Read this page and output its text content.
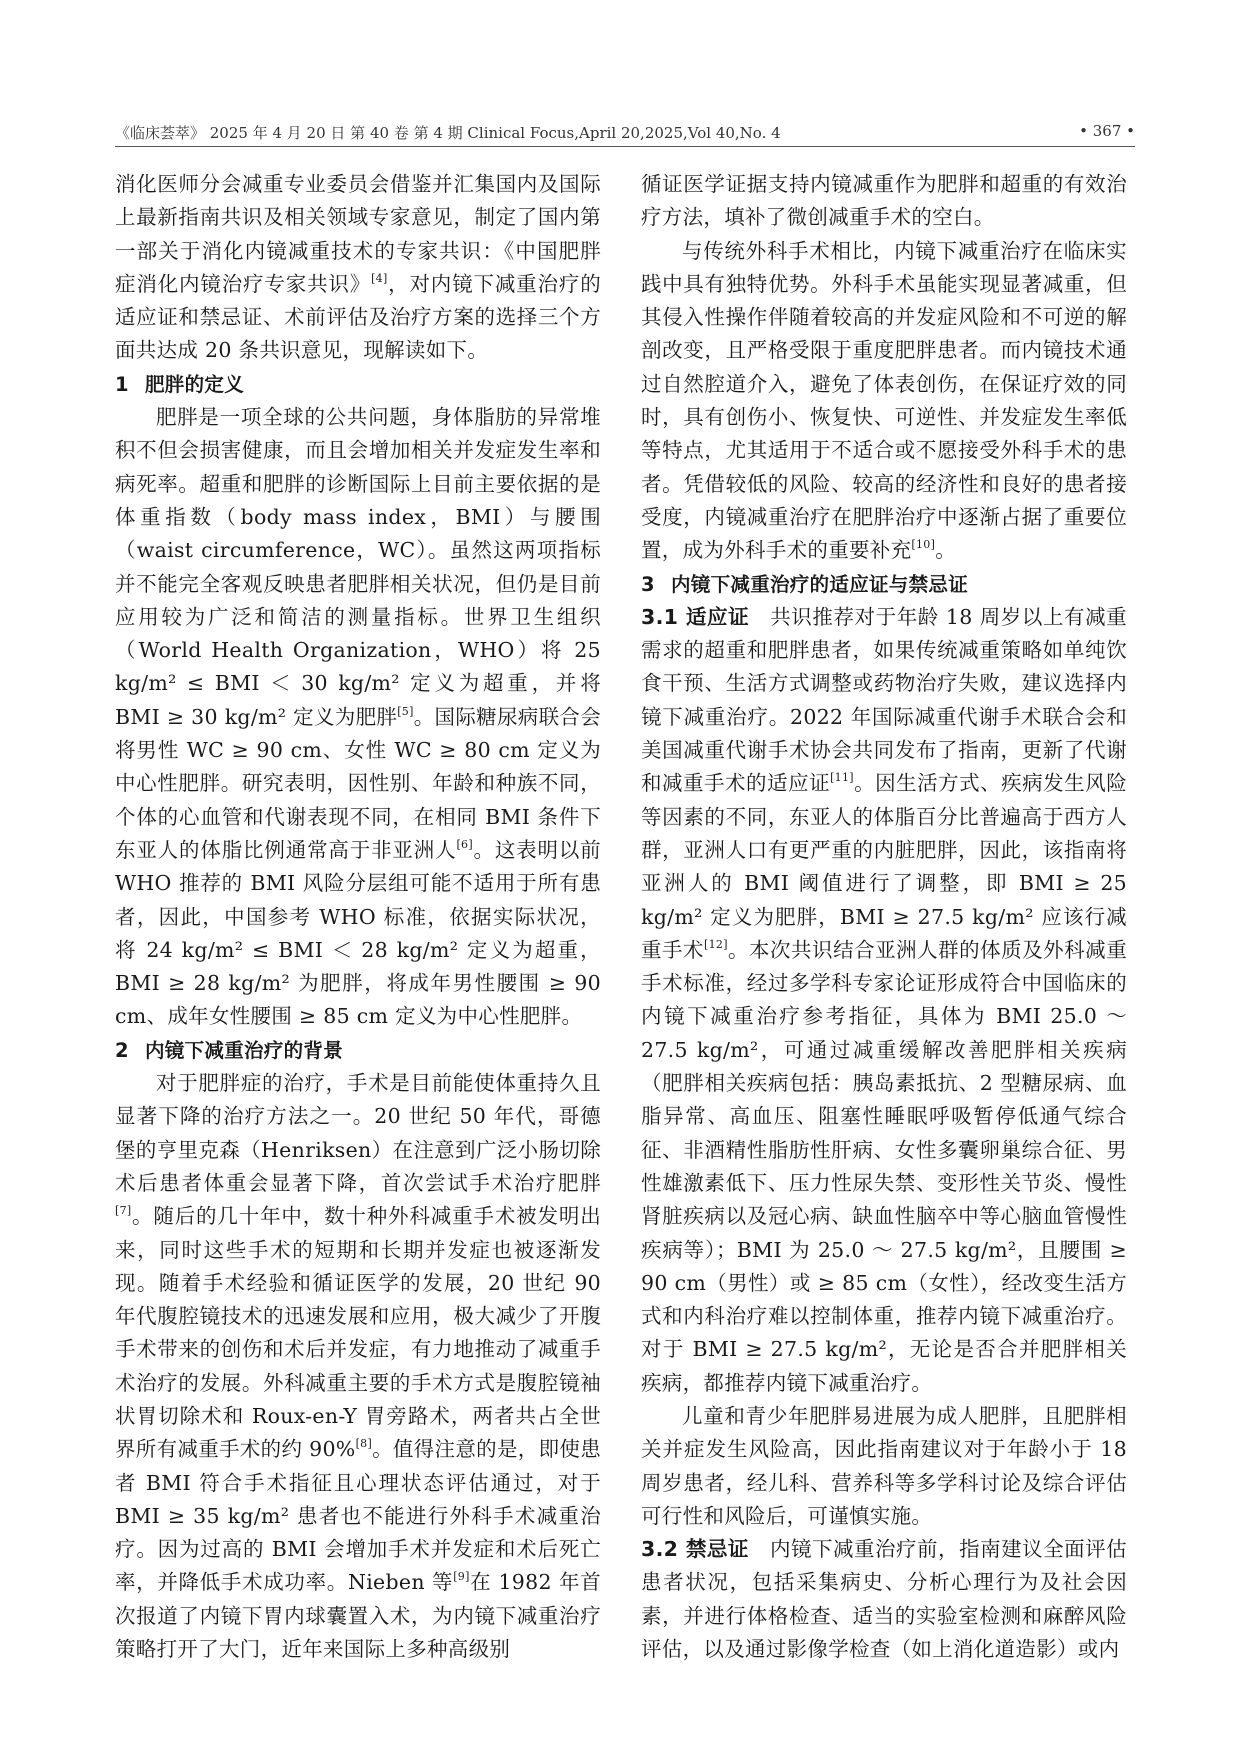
《临床荟萃》 2025 年 4 月 20 日 第 40 卷 第 4 期 Clinical Focus,April 20,2025,Vol 40,No. 4	• 367 •

消化医师分会减重专业委员会借鉴并汇集国内及国际上最新指南共识及相关领域专家意见，制定了国内第一部关于消化内镜减重技术的专家共识：《中国肥胖症消化内镜治疗专家共识》[4]，对内镜下减重治疗的适应证和禁忌证、术前评估及治疗方案的选择三个方面共达成 20 条共识意见，现解读如下。

1 肥胖的定义

肥胖是一项全球的公共问题，身体脂肪的异常堆积不但会损害健康，而且会增加相关并发症发生率和病死率。超重和肥胖的诊断国际上目前主要依据的是体重指数（body mass index，BMI）与腰围（waist circumference，WC）。虽然这两项指标并不能完全客观反映患者肥胖相关状况，但仍是目前应用较为广泛和简洁的测量指标。世界卫生组织（World Health Organization，WHO）将 25 kg/m² ≤ BMI ＜ 30 kg/m² 定义为超重，并将 BMI ≥ 30 kg/m² 定义为肥胖[5]。国际糖尿病联合会将男性 WC ≥ 90 cm、女性 WC ≥ 80 cm 定义为中心性肥胖。研究表明，因性别、年龄和种族不同，个体的心血管和代谢表现不同，在相同 BMI 条件下东亚人的体脂比例通常高于非亚洲人[6]。这表明以前 WHO 推荐的 BMI 风险分层组可能不适用于所有患者，因此，中国参考 WHO 标准，依据实际状况，将 24 kg/m² ≤ BMI ＜ 28 kg/m² 定义为超重，BMI ≥ 28 kg/m² 为肥胖，将成年男性腰围 ≥ 90 cm、成年女性腰围 ≥ 85 cm 定义为中心性肥胖。

2 内镜下减重治疗的背景

对于肥胖症的治疗，手术是目前能使体重持久且显著下降的治疗方法之一。20 世纪 50 年代，哥德堡的亨里克森（Henriksen）在注意到广泛小肠切除术后患者体重会显著下降，首次尝试手术治疗肥胖[7]。随后的几十年中，数十种外科减重手术被发明出来，同时这些手术的短期和长期并发症也被逐渐发现。随着手术经验和循证医学的发展，20 世纪 90 年代腹腔镜技术的迅速发展和应用，极大减少了开腹手术带来的创伤和术后并发症，有力地推动了减重手术治疗的发展。外科减重主要的手术方式是腹腔镜袖状胃切除术和 Roux-en-Y 胃旁路术，两者共占全世界所有减重手术的约 90%[8]。值得注意的是，即使患者 BMI 符合手术指征且心理状态评估通过，对于 BMI ≥ 35 kg/m² 患者也不能进行外科手术减重治疗。因为过高的 BMI 会增加手术并发症和术后死亡率，并降低手术成功率。Nieben 等[9]在 1982 年首次报道了内镜下胃内球囊置入术，为内镜下减重治疗策略打开了大门，近年来国际上多种高级别

循证医学证据支持内镜减重作为肥胖和超重的有效治疗方法，填补了微创减重手术的空白。

与传统外科手术相比，内镜下减重治疗在临床实践中具有独特优势。外科手术虽能实现显著减重，但其侵入性操作伴随着较高的并发症风险和不可逆的解剖改变，且严格受限于重度肥胖患者。而内镜技术通过自然腔道介入，避免了体表创伤，在保证疗效的同时，具有创伤小、恢复快、可逆性、并发症发生率低等特点，尤其适用于不适合或不愿接受外科手术的患者。凭借较低的风险、较高的经济性和良好的患者接受度，内镜减重治疗在肥胖治疗中逐渐占据了重要位置，成为外科手术的重要补充[10]。

3 内镜下减重治疗的适应证与禁忌证

3.1 适应证　 共识推荐对于年龄 18 周岁以上有减重需求的超重和肥胖患者，如果传统减重策略如单纯饮食干预、生活方式调整或药物治疗失败，建议选择内镜下减重治疗。2022 年国际减重代谢手术联合会和美国减重代谢手术协会共同发布了指南，更新了代谢和减重手术的适应证[11]。因生活方式、疾病发生风险等因素的不同，东亚人的体脂百分比普遍高于西方人群，亚洲人口有更严重的内脏肥胖，因此，该指南将亚洲人的 BMI 阈值进行了调整，即 BMI ≥ 25 kg/m² 定义为肥胖，BMI ≥ 27.5 kg/m² 应该行减重手术[12]。本次共识结合亚洲人群的体质及外科减重手术标准，经过多学科专家论证形成符合中国临床的内镜下减重治疗参考指征，具体为 BMI 25.0 ～ 27.5 kg/m²，可通过减重缓解改善肥胖相关疾病（肥胖相关疾病包括：胰岛素抵抗、2 型糖尿病、血脂异常、高血压、阻塞性睡眠呼吸暂停低通气综合征、非酒精性脂肪性肝病、女性多囊卵巢综合征、男性雄激素低下、压力性尿失禁、变形性关节炎、慢性肾脏疾病以及冠心病、缺血性脑卒中等心脑血管慢性疾病等）；BMI 为 25.0 ～ 27.5 kg/m²，且腰围 ≥ 90 cm（男性）或 ≥ 85 cm（女性），经改变生活方式和内科治疗难以控制体重，推荐内镜下减重治疗。对于 BMI ≥ 27.5 kg/m²，无论是否合并肥胖相关疾病，都推荐内镜下减重治疗。

儿童和青少年肥胖易进展为成人肥胖，且肥胖相关并症发生风险高，因此指南建议对于年龄小于 18 周岁患者，经儿科、营养科等多学科讨论及综合评估可行性和风险后，可谨慎实施。

3.2 禁忌证　 内镜下减重治疗前，指南建议全面评估患者状况，包括采集病史、分析心理行为及社会因素，并进行体格检查、适当的实验室检测和麻醉风险评估，以及通过影像学检查（如上消化道造影）或内
